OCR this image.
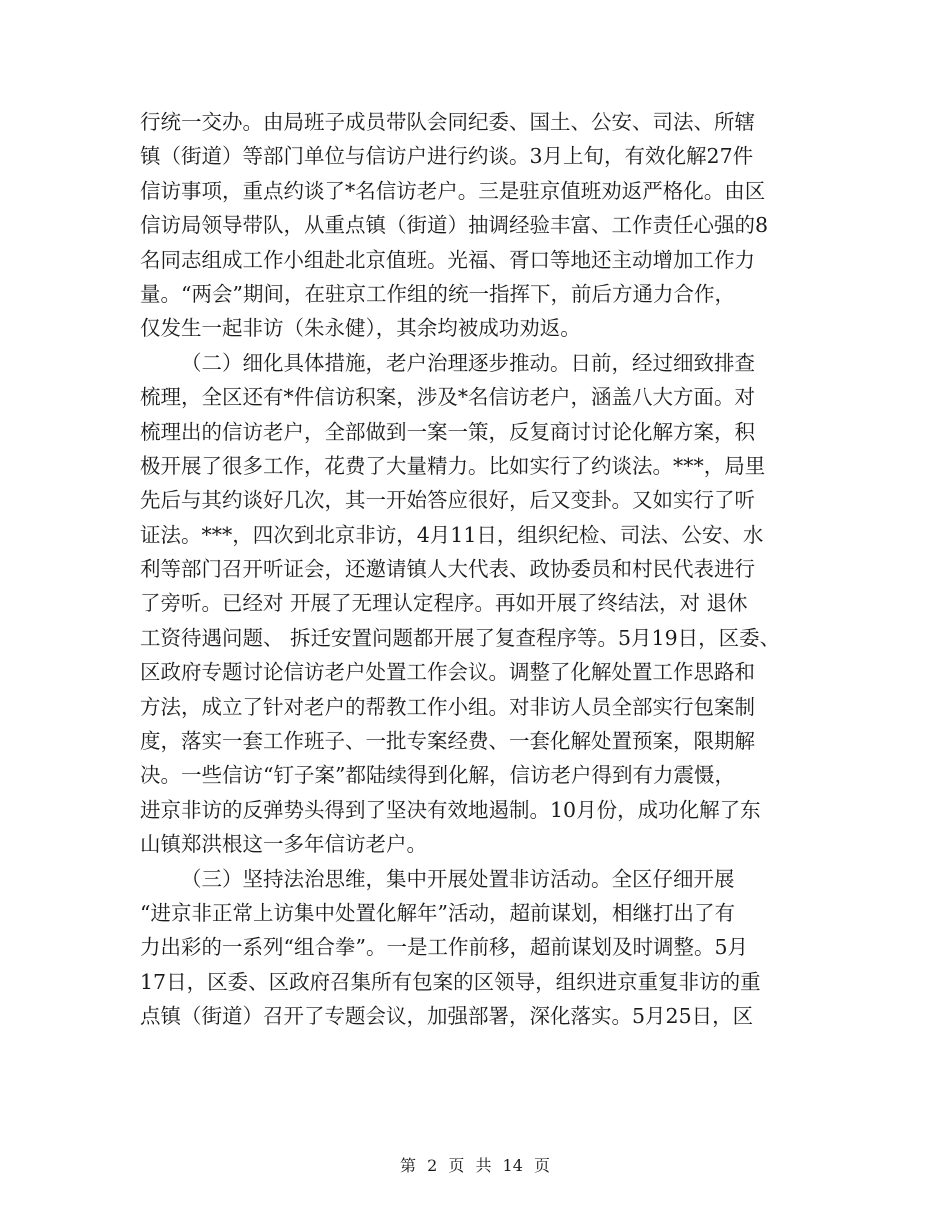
行统一交办。由局班子成员带队会同纪委、国土、公安、司法、所辖
镇（街道）等部门单位与信访户进行约谈。3月上旬，有效化解27件
信访事项，重点约谈了*名信访老户。三是驻京值班劝返严格化。由区
信访局领导带队，从重点镇（街道）抽调经验丰富、工作责任心强的8
名同志组成工作小组赴北京值班。光福、胥口等地还主动增加工作力
量。“两会”期间，在驻京工作组的统一指挥下，前后方通力合作，
仅发生一起非访（朱永健），其余均被成功劝返。
（二）细化具体措施，老户治理逐步推动。日前，经过细致排查
梳理，全区还有*件信访积案，涉及*名信访老户，涵盖八大方面。对
梳理出的信访老户，全部做到一案一策，反复商讨讨论化解方案，积
极开展了很多工作，花费了大量精力。比如实行了约谈法。***，局里
先后与其约谈好几次，其一开始答应很好，后又变卦。又如实行了听
证法。***，四次到北京非访，4月11日，组织纪检、司法、公安、水
利等部门召开听证会，还邀请镇人大代表、政协委员和村民代表进行
了旁听。已经对 开展了无理认定程序。再如开展了终结法，对 退休
工资待遇问题、 拆迁安置问题都开展了复查程序等。5月19日，区委、
区政府专题讨论信访老户处置工作会议。调整了化解处置工作思路和
方法，成立了针对老户的帮教工作小组。对非访人员全部实行包案制
度，落实一套工作班子、一批专案经费、一套化解处置预案，限期解
决。一些信访“钉子案”都陆续得到化解，信访老户得到有力震慑，
进京非访的反弹势头得到了坚决有效地遏制。10月份，成功化解了东
山镇郑洪根这一多年信访老户。
（三）坚持法治思维，集中开展处置非访活动。全区仔细开展
“进京非正常上访集中处置化解年”活动，超前谋划，相继打出了有
力出彩的一系列“组合拳”。一是工作前移，超前谋划及时调整。5月
17日，区委、区政府召集所有包案的区领导，组织进京重复非访的重
点镇（街道）召开了专题会议，加强部署，深化落实。5月25日，区
第 2 页 共 14 页
